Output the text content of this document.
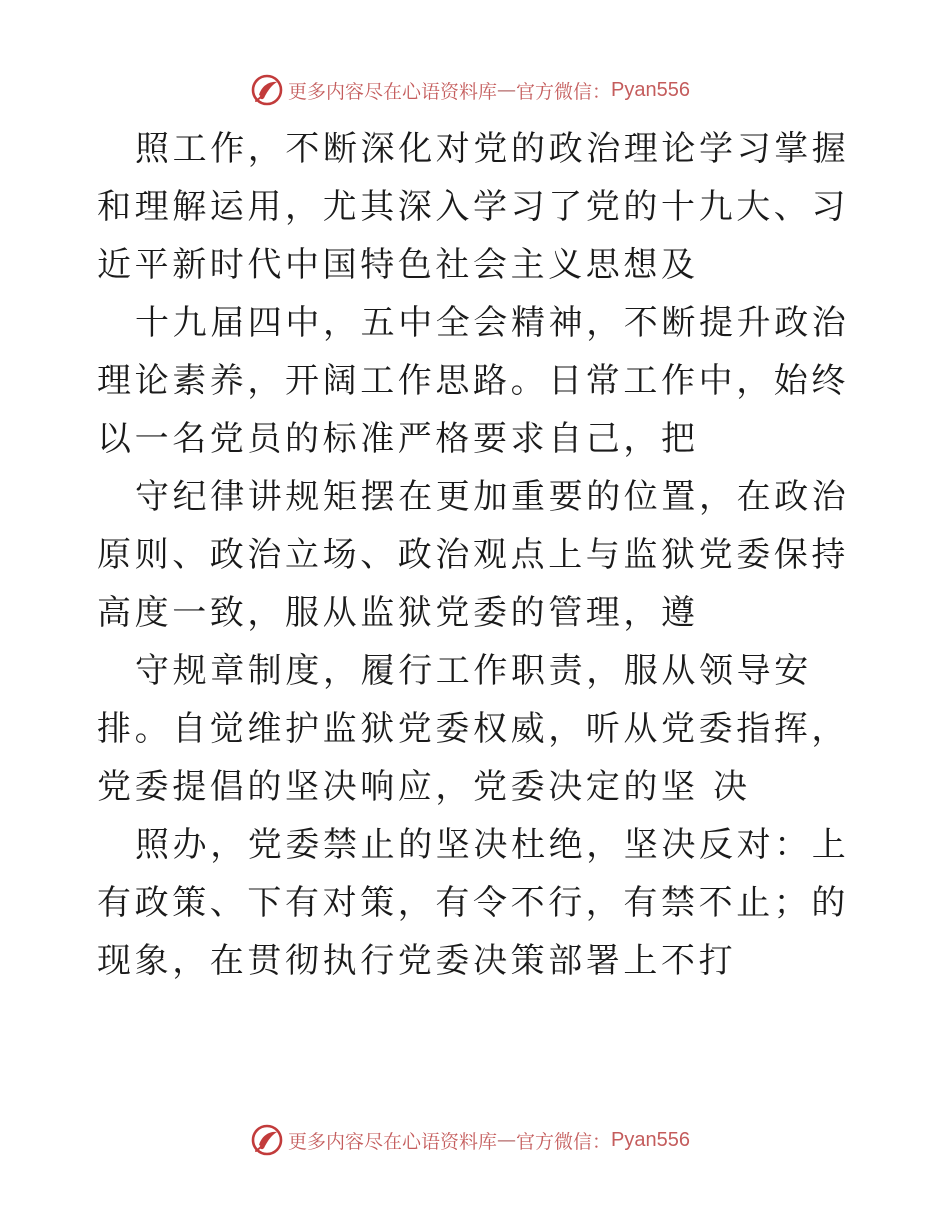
更多内容尽在心语资料库 — 官方微信： Pyan556

照工作，不断深化对党的政治理论学习掌握和理解运用，尤其深入学习了党的十九大、习近平新时代中国特色社会主义思想及

十九届四中，五中全会精神，不断提升政治理论素养，开阔工作思路。日常工作中，始终以一名党员的标准严格要求自己，把

守纪律讲规矩摆在更加重要的位置，在政治原则、政治立场、政治观点上与监狱党委保持高度一致，服从监狱党委的管理，遵

守规章制度，履行工作职责，服从领导安排。自觉维护监狱党委权威，听从党委指挥，党委提倡的坚决响应，党委决定的坚 决

照办，党委禁止的坚决杜绝，坚决反对：上有政策、下有对策，有令不行，有禁不止；的现象，在贯彻执行党委决策部署上不打

更多内容尽在心语资料库 — 官方微信： Pyan556
